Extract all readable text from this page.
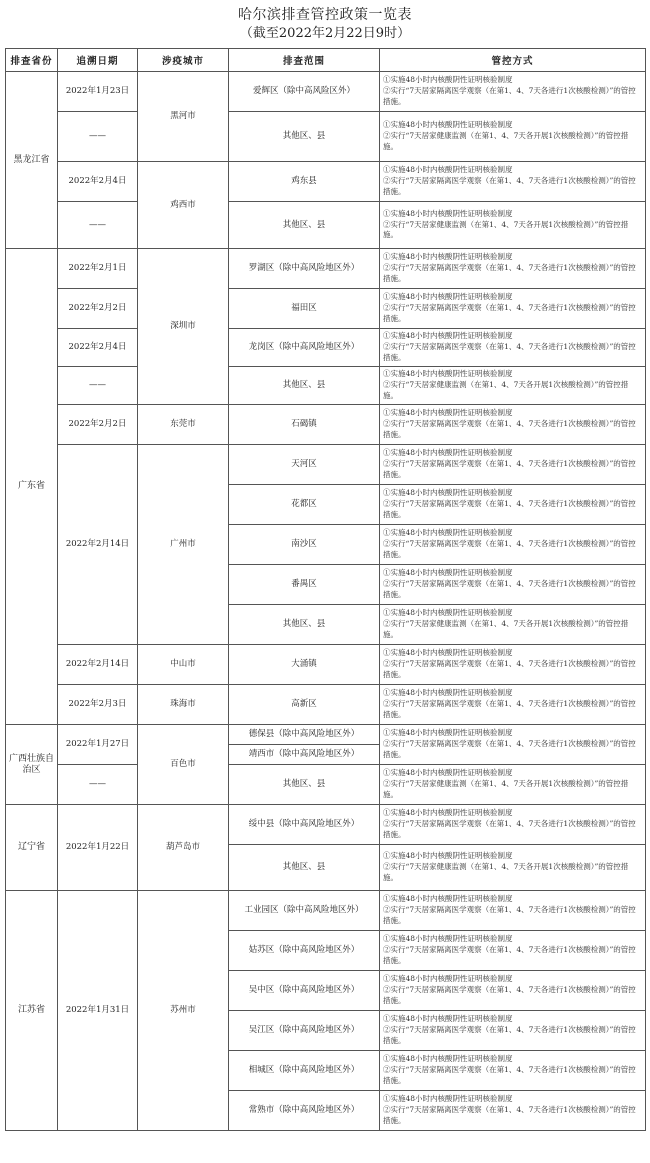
哈尔滨排查管控政策一览表
（截至2022年2月22日9时）
排查省份	追溯日期	涉疫城市	排查范围	管控方式
黑龙江省	2022年1月23日	黑河市	爱辉区（除中高风险区外）	①实施48小时内核酸阴性证明核验制度
②实行“7天居家隔离医学观察（在第1、4、7天各进行1次核酸检测）”的管控措施。

	——		其他区、县	①实施48小时内核酸阴性证明核验制度
②实行“7天居家健康监测（在第1、4、7天各开展1次核酸检测）”的管控措施。

	2022年2月4日	鸡西市	鸡东县	①实施48小时内核酸阴性证明核验制度
②实行“7天居家隔离医学观察（在第1、4、7天各进行1次核酸检测）”的管控措施。

	——		其他区、县	①实施48小时内核酸阴性证明核验制度
②实行“7天居家健康监测（在第1、4、7天各开展1次核酸检测）”的管控措施。

广东省	2022年2月1日	深圳市	罗湖区（除中高风险地区外）	①实施48小时内核酸阴性证明核验制度
②实行“7天居家隔离医学观察（在第1、4、7天各进行1次核酸检测）”的管控措施。

	2022年2月2日		福田区	①实施48小时内核酸阴性证明核验制度
②实行“7天居家隔离医学观察（在第1、4、7天各进行1次核酸检测）”的管控措施。

	2022年2月4日		龙岗区（除中高风险地区外）	①实施48小时内核酸阴性证明核验制度
②实行“7天居家隔离医学观察（在第1、4、7天各进行1次核酸检测）”的管控措施。

	——		其他区、县	①实施48小时内核酸阴性证明核验制度
②实行“7天居家健康监测（在第1、4、7天各开展1次核酸检测）”的管控措施。

	2022年2月2日	东莞市	石碣镇	①实施48小时内核酸阴性证明核验制度
②实行“7天居家隔离医学观察（在第1、4、7天各进行1次核酸检测）”的管控措施。

	2022年2月14日	广州市	天河区	①实施48小时内核酸阴性证明核验制度
②实行“7天居家隔离医学观察（在第1、4、7天各进行1次核酸检测）”的管控措施。

			花都区	①实施48小时内核酸阴性证明核验制度
②实行“7天居家隔离医学观察（在第1、4、7天各进行1次核酸检测）”的管控措施。

			南沙区	①实施48小时内核酸阴性证明核验制度
②实行“7天居家隔离医学观察（在第1、4、7天各进行1次核酸检测）”的管控措施。

			番禺区	①实施48小时内核酸阴性证明核验制度
②实行“7天居家隔离医学观察（在第1、4、7天各进行1次核酸检测）”的管控措施。

			其他区、县	①实施48小时内核酸阴性证明核验制度
②实行“7天居家健康监测（在第1、4、7天各开展1次核酸检测）”的管控措施。

	2022年2月14日	中山市	大涌镇	①实施48小时内核酸阴性证明核验制度
②实行“7天居家隔离医学观察（在第1、4、7天各进行1次核酸检测）”的管控措施。

	2022年2月3日	珠海市	高新区	①实施48小时内核酸阴性证明核验制度
②实行“7天居家隔离医学观察（在第1、4、7天各进行1次核酸检测）”的管控措施。

广西壮族自治区	2022年1月27日	百色市	德保县（除中高风险地区外）	①实施48小时内核酸阴性证明核验制度
②实行“7天居家隔离医学观察（在第1、4、7天各进行1次核酸检测）”的管控措施。

			靖西市（除中高风险地区外）	
	——		其他区、县	①实施48小时内核酸阴性证明核验制度
②实行“7天居家健康监测（在第1、4、7天各开展1次核酸检测）”的管控措施。

辽宁省	2022年1月22日	葫芦岛市	绥中县（除中高风险地区外）	①实施48小时内核酸阴性证明核验制度
②实行“7天居家隔离医学观察（在第1、4、7天各进行1次核酸检测）”的管控措施。

			其他区、县	①实施48小时内核酸阴性证明核验制度
②实行“7天居家健康监测（在第1、4、7天各开展1次核酸检测）”的管控措施。

江苏省	2022年1月31日	苏州市	工业园区（除中高风险地区外）	①实施48小时内核酸阴性证明核验制度
②实行“7天居家隔离医学观察（在第1、4、7天各进行1次核酸检测）”的管控措施。

			姑苏区（除中高风险地区外）	①实施48小时内核酸阴性证明核验制度
②实行“7天居家隔离医学观察（在第1、4、7天各进行1次核酸检测）”的管控措施。

			吴中区（除中高风险地区外）	①实施48小时内核酸阴性证明核验制度
②实行“7天居家隔离医学观察（在第1、4、7天各进行1次核酸检测）”的管控措施。

			吴江区（除中高风险地区外）	①实施48小时内核酸阴性证明核验制度
②实行“7天居家隔离医学观察（在第1、4、7天各进行1次核酸检测）”的管控措施。

			相城区（除中高风险地区外）	①实施48小时内核酸阴性证明核验制度
②实行“7天居家隔离医学观察（在第1、4、7天各进行1次核酸检测）”的管控措施。

			常熟市（除中高风险地区外）	①实施48小时内核酸阴性证明核验制度
②实行“7天居家隔离医学观察（在第1、4、7天各进行1次核酸检测）”的管控措施。
